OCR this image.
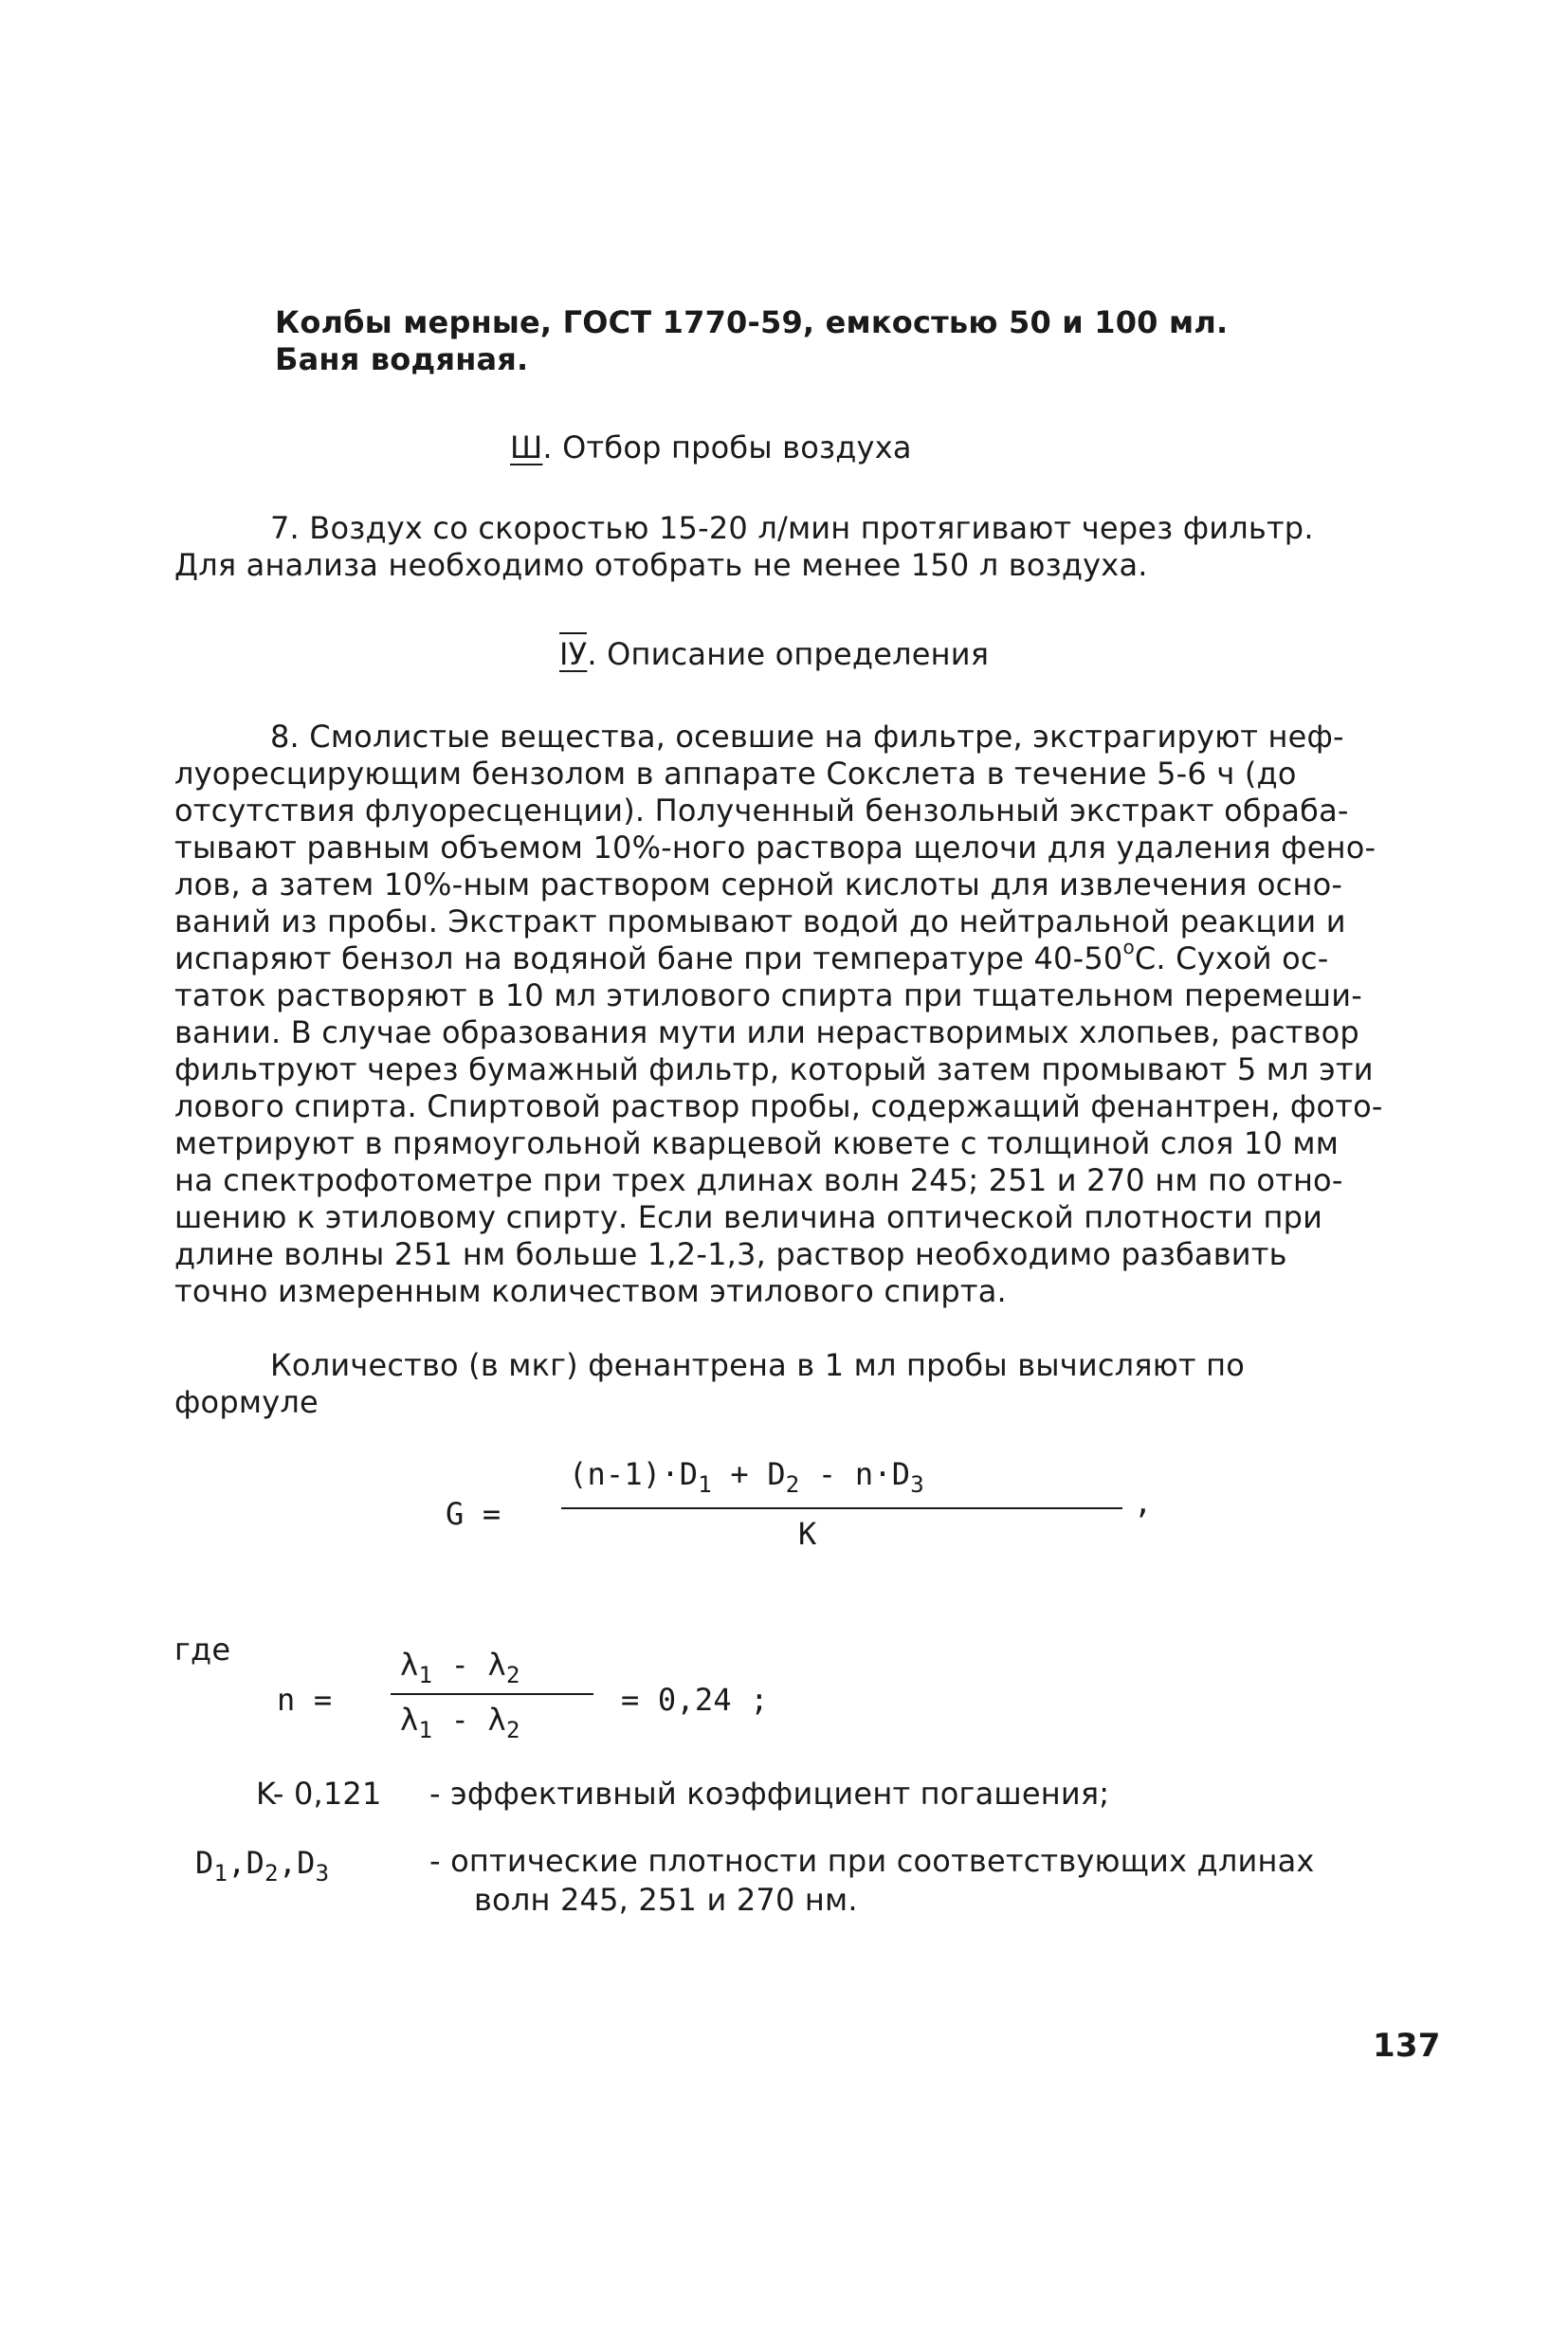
Колбы мерные, ГОСТ 1770-59, емкостью 50 и 100 мл.
Баня водяная.
Ш. Отбор пробы воздуха
7. Воздух со скоростью 15-20 л/мин протягивают через фильтр.
Для анализа необходимо отобрать не менее 150 л воздуха.
IУ. Описание определения
8. Смолистые вещества, осевшие на фильтре, экстрагируют неф-
луоресцирующим бензолом в аппарате Сокслета в течение 5-6 ч (до
отсутствия флуоресценции). Полученный бензольный экстракт обраба-
тывают равным объемом 10%-ного раствора щелочи для удаления фено-
лов, а затем 10%-ным раствором серной кислоты для извлечения осно-
ваний из пробы. Экстракт промывают водой до нейтральной реакции и
испаряют бензол на водяной бане при температуре $40-50^оС$. Сухой ос-
таток растворяют в 10 мл этилового спирта при тщательном перемеши-
вании. В случае образования мути или нерастворимых хлопьев, раствор
фильтруют через бумажный фильтр, который затем промывают 5 мл эти
лового спирта. Спиртовой раствор пробы, содержащий фенантрен, фото-
метрируют в прямоугольной кварцевой кювете с толщиной слоя 10 мм
на спектрофотометре при трех длинах волн 245; 251 и 270 нм по отно-
шению к этиловому спирту. Если величина оптической плотности при
длине волны 251 нм больше 1,2-1,3, раствор необходимо разбавить
точно измеренным количеством этилового спирта.
Количество (в мкг) фенантрена в 1 мл пробы вычисляют по
формуле
G =
$(n-1)\cdot D_1 + D_2 - n\cdot D_3$	,
K
где
n =
$\lambda_1 - \lambda_2$
$\lambda_1 - \lambda_2$
= 0,24 ;
K- 0,121 - эффективный коэффициент погашения;
$D_1,D_2,D_3$	- оптические плотности при соответствующих длинах
волн 245, 251 и 270 нм.
137
